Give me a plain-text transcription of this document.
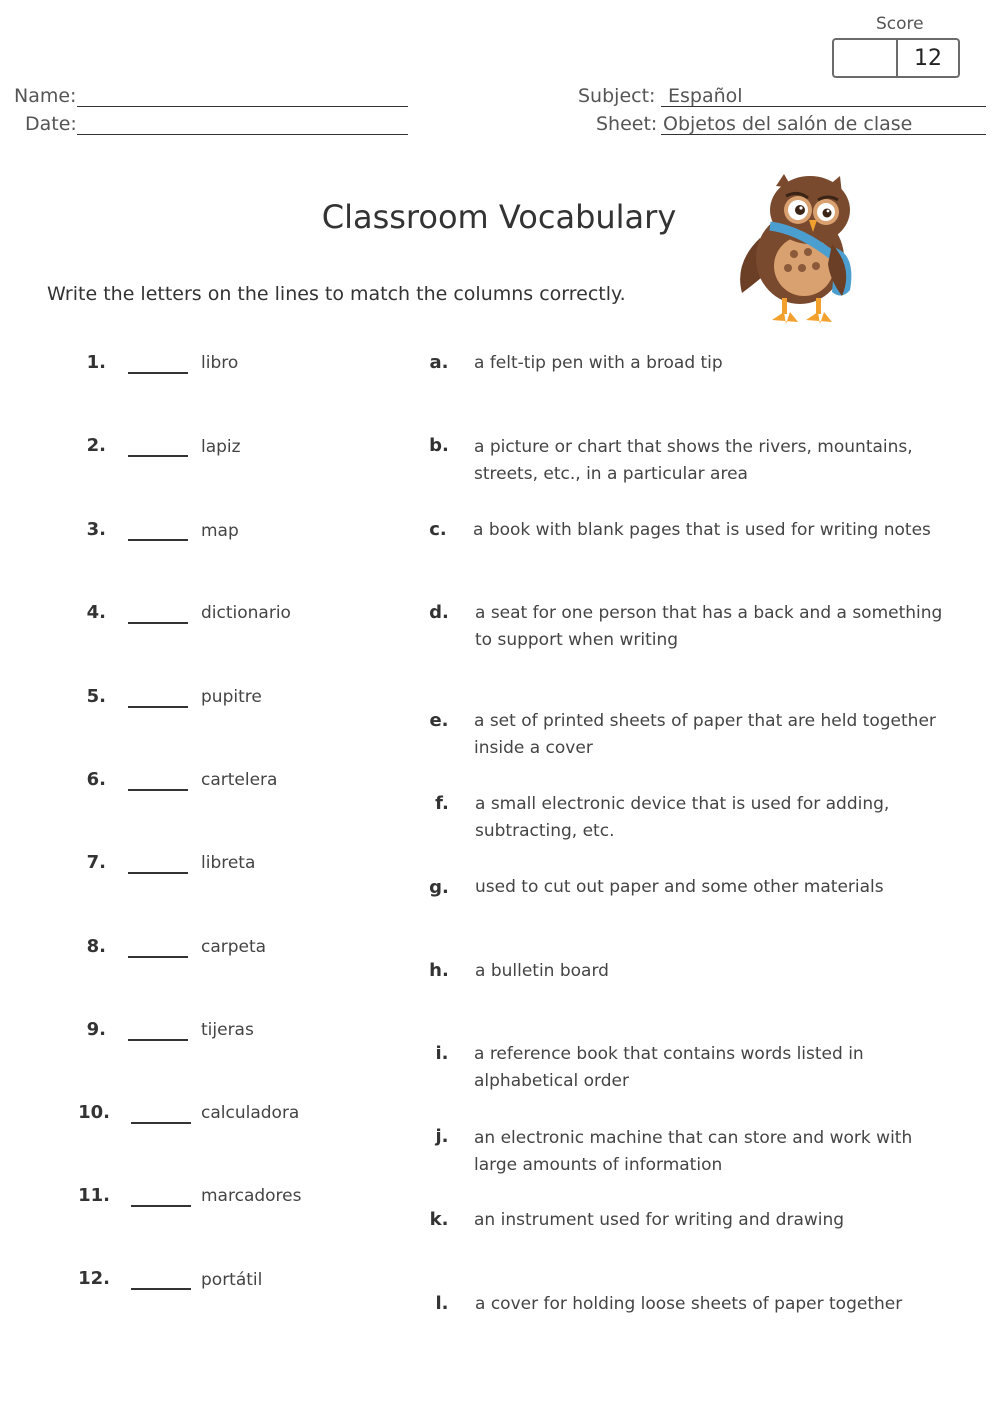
Score
12
Name:
Date:
Subject: Español
Sheet: Objetos del salón de clase
Classroom Vocabulary
Write the letters on the lines to match the columns correctly.
1.	libro
2.	lapiz
3.	map
4.	dictionario
5.	pupitre
6.	cartelera
7.	libreta
8.	carpeta
9.	tijeras
10.	calculadora
11.	marcadores
12.	portátil
a. a felt-tip pen with a broad tip
b. a picture or chart that shows the rivers, mountains, streets, etc., in a particular area
c. a book with blank pages that is used for writing notes
d. a seat for one person that has a back and a something to support when writing
e. a set of printed sheets of paper that are held together inside a cover
f.	a small electronic device that is used for adding, subtracting, etc.
g. used to cut out paper and some other materials
h. a bulletin board
i.	a reference book that contains words listed in alphabetical order
j.	an electronic machine that can store and work with large amounts of information
k. an instrument used for writing and drawing
l.	a cover for holding loose sheets of paper together
